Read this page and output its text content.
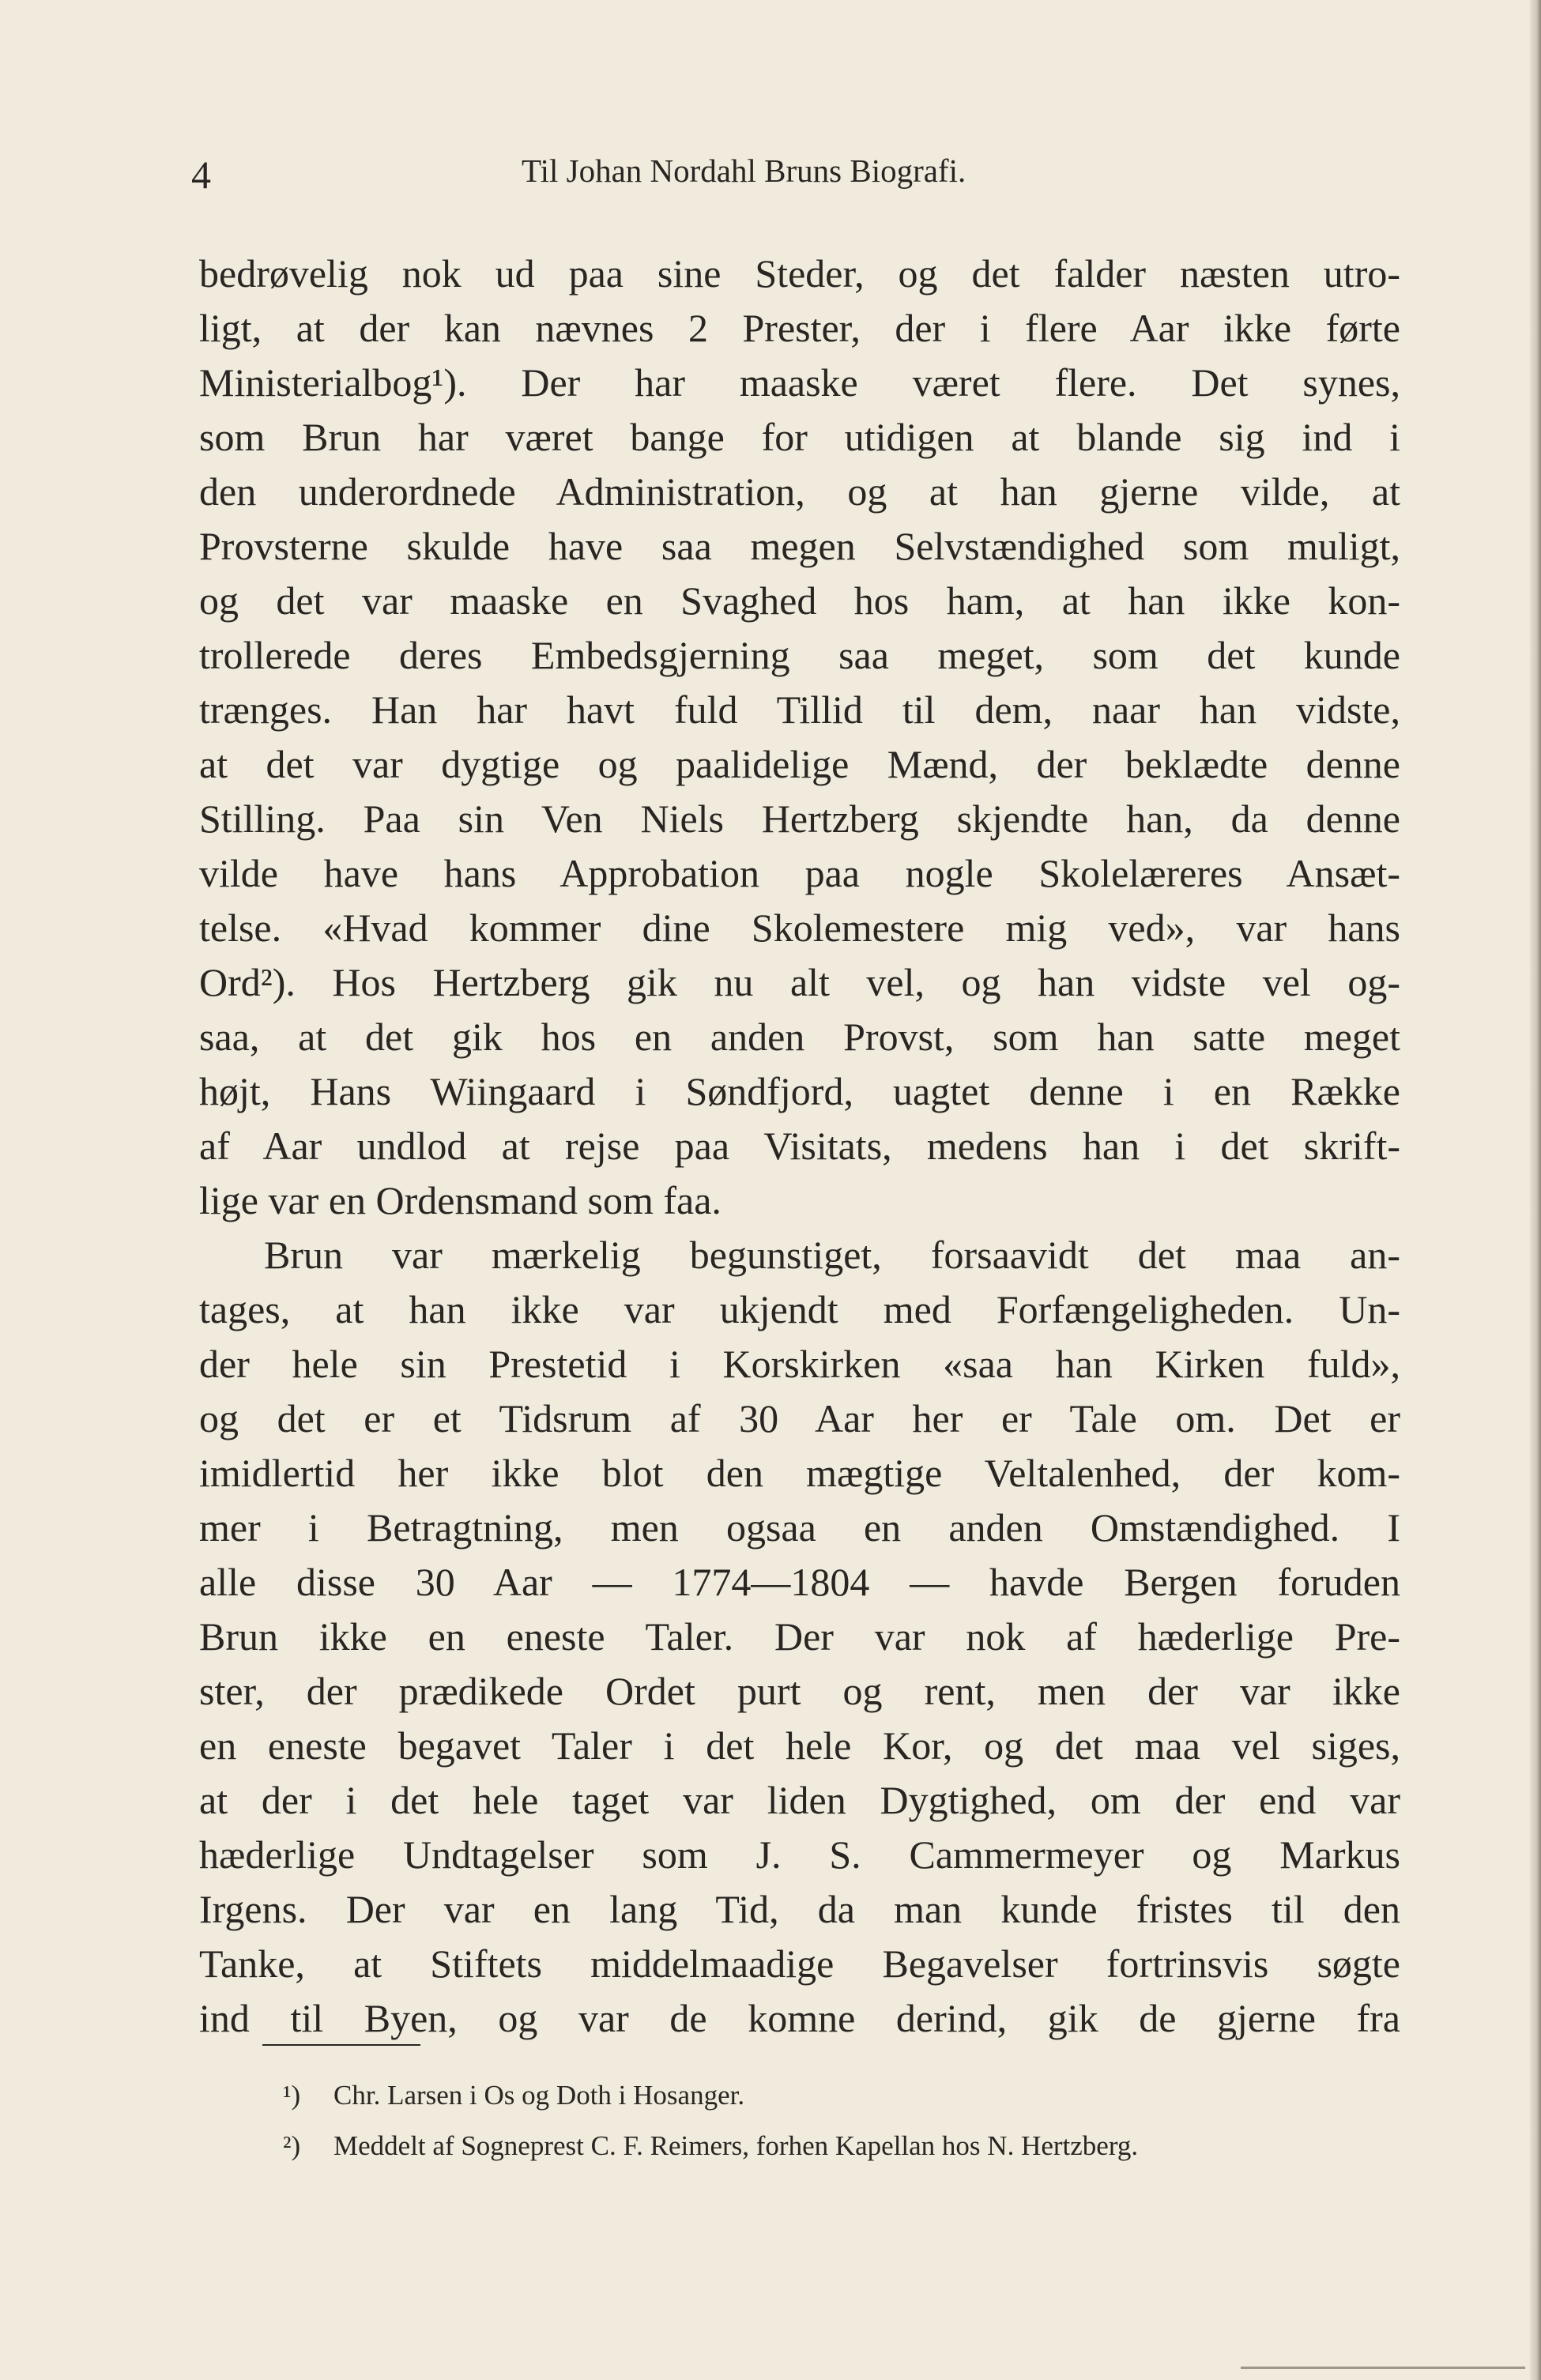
4	Til Johan Nordahl Bruns Biografi.
bedrøvelig nok ud paa sine Steder, og det falder næsten utro-
ligt, at der kan nævnes 2 Prester, der i flere Aar ikke førte
Ministerialbog¹). Der har maaske været flere. Det synes,
som Brun har været bange for utidigen at blande sig ind i
den underordnede Administration, og at han gjerne vilde, at
Provsterne skulde have saa megen Selvstændighed som muligt,
og det var maaske en Svaghed hos ham, at han ikke kon-
trollerede deres Embedsgjerning saa meget, som det kunde
trænges. Han har havt fuld Tillid til dem, naar han vidste,
at det var dygtige og paalidelige Mænd, der beklædte denne
Stilling. Paa sin Ven Niels Hertzberg skjendte han, da denne
vilde have hans Approbation paa nogle Skolelæreres Ansæt-
telse. «Hvad kommer dine Skolemestere mig ved», var hans
Ord²). Hos Hertzberg gik nu alt vel, og han vidste vel og-
saa, at det gik hos en anden Provst, som han satte meget
højt, Hans Wiingaard i Søndfjord, uagtet denne i en Række
af Aar undlod at rejse paa Visitats, medens han i det skrift-
lige var en Ordensmand som faa.
Brun var mærkelig begunstiget, forsaavidt det maa an-
tages, at han ikke var ukjendt med Forfængeligheden. Un-
der hele sin Prestetid i Korskirken «saa han Kirken fuld»,
og det er et Tidsrum af 30 Aar her er Tale om. Det er
imidlertid her ikke blot den mægtige Veltalenhed, der kom-
mer i Betragtning, men ogsaa en anden Omstændighed. I
alle disse 30 Aar — 1774—1804 — havde Bergen foruden
Brun ikke en eneste Taler. Der var nok af hæderlige Pre-
ster, der prædikede Ordet purt og rent, men der var ikke
en eneste begavet Taler i det hele Kor, og det maa vel siges,
at der i det hele taget var liden Dygtighed, om der end var
hæderlige Undtagelser som J. S. Cammermeyer og Markus
Irgens. Der var en lang Tid, da man kunde fristes til den
Tanke, at Stiftets middelmaadige Begavelser fortrinsvis søgte
ind til Byen, og var de komne derind, gik de gjerne fra
¹) Chr. Larsen i Os og Doth i Hosanger.
²) Meddelt af Sogneprest C. F. Reimers, forhen Kapellan hos N. Hertzberg.
